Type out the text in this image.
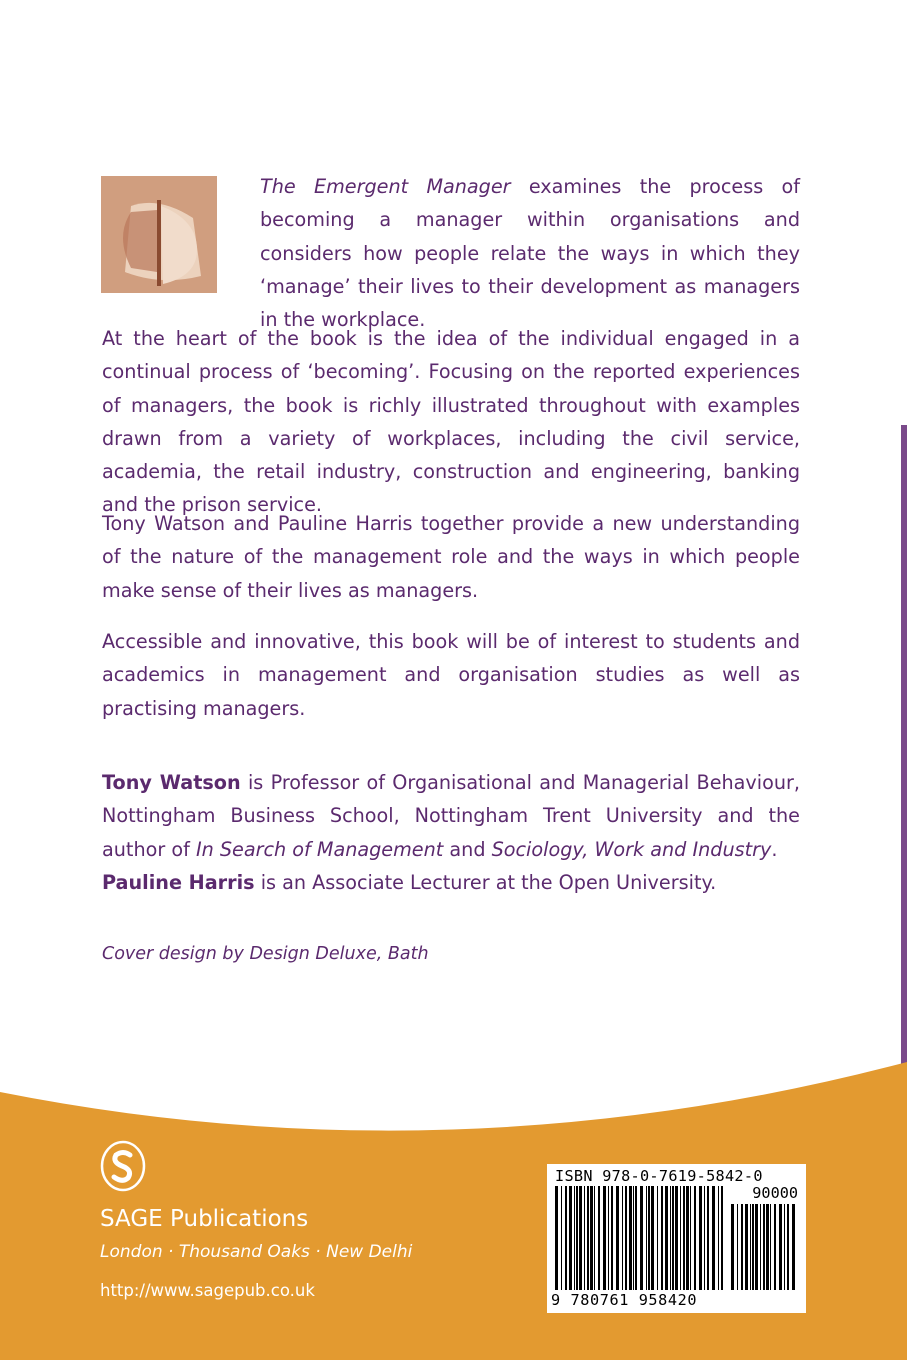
The Emergent Manager examines the process of becoming a manager within organisations and considers how people relate the ways in which they ‘manage’ their lives to their development as managers in the workplace.

At the heart of the book is the idea of the individual engaged in a continual process of ‘becoming’. Focusing on the reported experiences of managers, the book is richly illustrated throughout with examples drawn from a variety of workplaces, including the civil service, academia, the retail industry, construction and engineering, banking and the prison service.

Tony Watson and Pauline Harris together provide a new understanding of the nature of the management role and the ways in which people make sense of their lives as managers.

Accessible and innovative, this book will be of interest to students and academics in management and organisation studies as well as practising managers.

Tony Watson is Professor of Organisational and Managerial Behaviour, Nottingham Business School, Nottingham Trent University and the author of In Search of Management and Sociology, Work and Industry.

Pauline Harris is an Associate Lecturer at the Open University.

Cover design by Design Deluxe, Bath
SAGE Publications
London · Thousand Oaks · New Delhi
http://www.sagepub.co.uk
ISBN 978-0-7619-5842-0
90000
9 780761 958420
